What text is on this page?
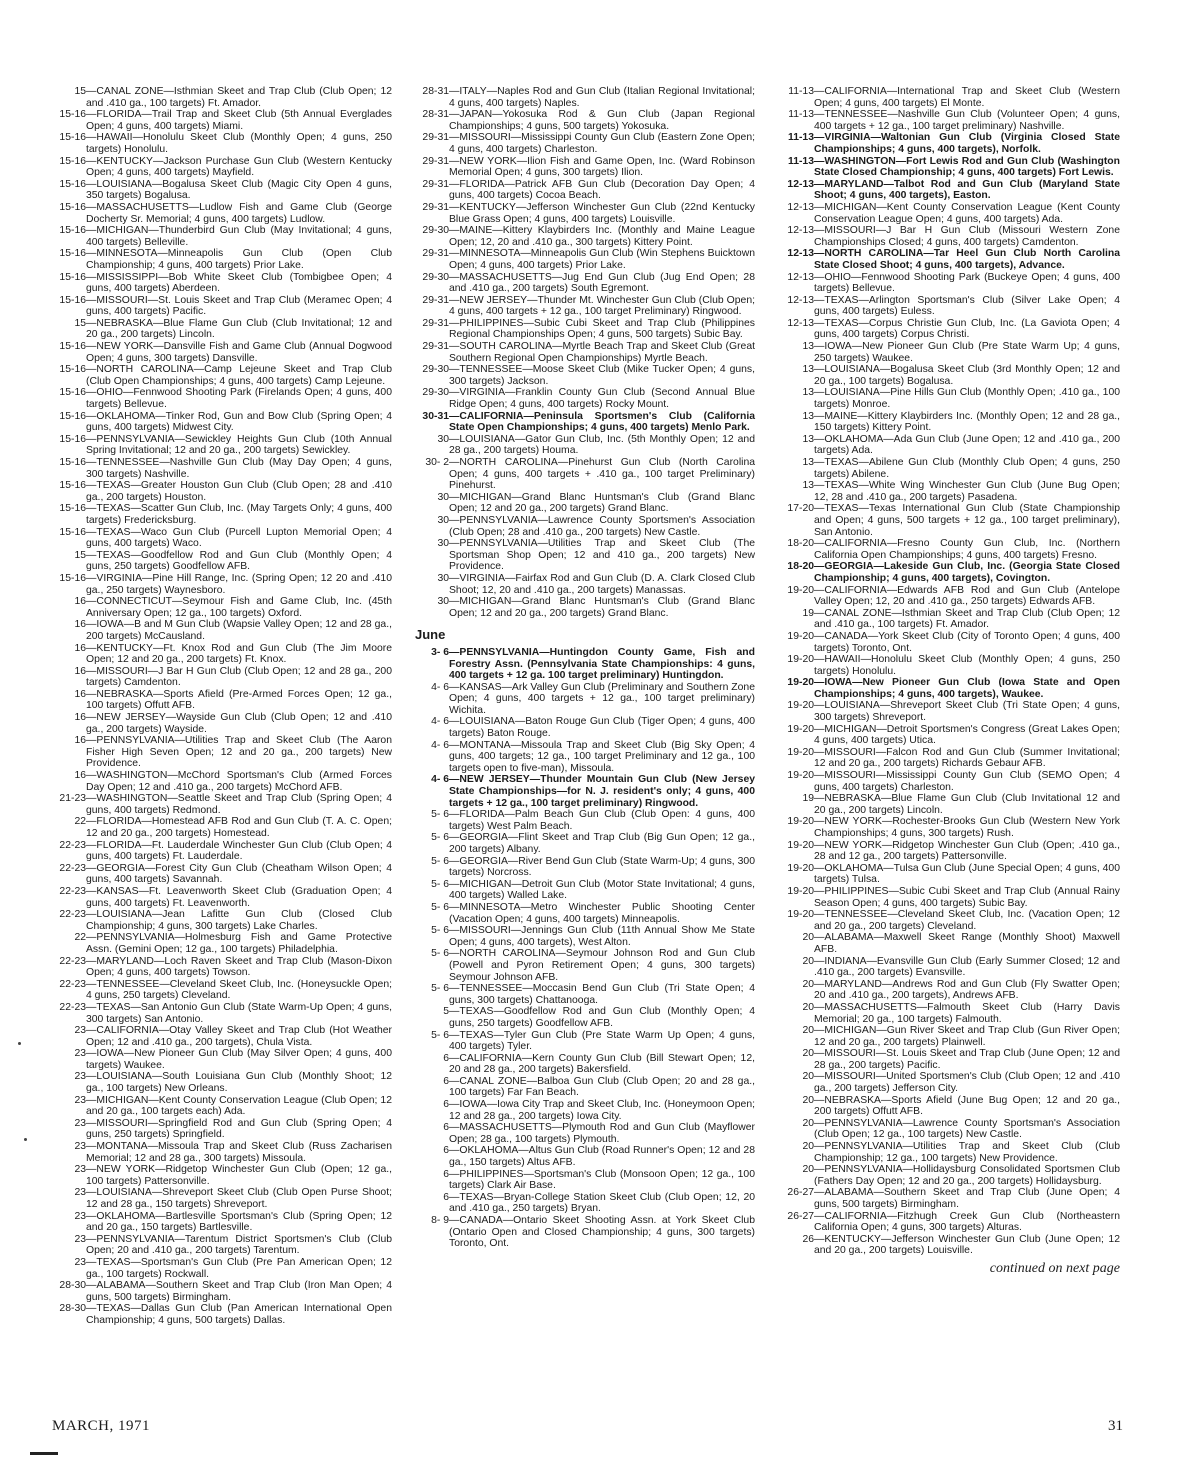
15—CANAL ZONE—Isthmian Skeet and Trap Club (Club Open; 12 and .410 ga., 100 targets) Ft. Amador.
15-16—FLORIDA—Trail Trap and Skeet Club (5th Annual Everglades Open; 4 guns, 400 targets) Miami.
15-16—HAWAII—Honolulu Skeet Club (Monthly Open; 4 guns, 250 targets) Honolulu.
15-16—KENTUCKY—Jackson Purchase Gun Club (Western Kentucky Open; 4 guns, 400 targets) Mayfield.
15-16—LOUISIANA—Bogalusa Skeet Club (Magic City Open 4 guns, 350 targets) Bogalusa.
15-16—MASSACHUSETTS—Ludlow Fish and Game Club (George Docherty Sr. Memorial; 4 guns, 400 targets) Ludlow.
15-16—MICHIGAN—Thunderbird Gun Club (May Invitational; 4 guns, 400 targets) Belleville.
15-16—MINNESOTA—Minneapolis Gun Club (Open Club Championship; 4 guns, 400 targets) Prior Lake.
15-16—MISSISSIPPI—Bob White Skeet Club (Tombigbee Open; 4 guns, 400 targets) Aberdeen.
15-16—MISSOURI—St. Louis Skeet and Trap Club (Meramec Open; 4 guns, 400 targets) Pacific.
15—NEBRASKA—Blue Flame Gun Club (Club Invitational; 12 and 20 ga., 200 targets) Lincoln.
15-16—NEW YORK—Dansville Fish and Game Club (Annual Dogwood Open; 4 guns, 300 targets) Dansville.
15-16—NORTH CAROLINA—Camp Lejeune Skeet and Trap Club (Club Open Championships; 4 guns, 400 targets) Camp Lejeune.
15-16—OHIO—Fennwood Shooting Park (Firelands Open; 4 guns, 400 targets) Bellevue.
15-16—OKLAHOMA—Tinker Rod, Gun and Bow Club (Spring Open; 4 guns, 400 targets) Midwest City.
15-16—PENNSYLVANIA—Sewickley Heights Gun Club (10th Annual Spring Invitational; 12 and 20 ga., 200 targets) Sewickley.
15-16—TENNESSEE—Nashville Gun Club (May Day Open; 4 guns, 300 targets) Nashville.
15-16—TEXAS—Greater Houston Gun Club (Club Open; 28 and .410 ga., 200 targets) Houston.
15-16—TEXAS—Scatter Gun Club, Inc. (May Targets Only; 4 guns, 400 targets) Fredericksburg.
15-16—TEXAS—Waco Gun Club (Purcell Lupton Memorial Open; 4 guns, 400 targets) Waco.
15—TEXAS—Goodfellow Rod and Gun Club (Monthly Open; 4 guns, 250 targets) Goodfellow AFB.
15-16—VIRGINIA—Pine Hill Range, Inc. (Spring Open; 12 20 and .410 ga., 250 targets) Waynesboro.
16—CONNECTICUT—Seymour Fish and Game Club, Inc. (45th Anniversary Open; 12 ga., 100 targets) Oxford.
16—IOWA—B and M Gun Club (Wapsie Valley Open; 12 and 28 ga., 200 targets) McCausland.
16—KENTUCKY—Ft. Knox Rod and Gun Club (The Jim Moore Open; 12 and 20 ga., 200 targets) Ft. Knox.
16—MISSOURI—J Bar H Gun Club (Club Open; 12 and 28 ga., 200 targets) Camdenton.
16—NEBRASKA—Sports Afield (Pre-Armed Forces Open; 12 ga., 100 targets) Offutt AFB.
16—NEW JERSEY—Wayside Gun Club (Club Open; 12 and .410 ga., 200 targets) Wayside.
16—PENNSYLVANIA—Utilities Trap and Skeet Club (The Aaron Fisher High Seven Open; 12 and 20 ga., 200 targets) New Providence.
16—WASHINGTON—McChord Sportsman's Club (Armed Forces Day Open; 12 and .410 ga., 200 targets) McChord AFB.
21-23—WASHINGTON—Seattle Skeet and Trap Club (Spring Open; 4 guns, 400 targets) Redmond.
22—FLORIDA—Homestead AFB Rod and Gun Club (T. A. C. Open; 12 and 20 ga., 200 targets) Homestead.
22-23—FLORIDA—Ft. Lauderdale Winchester Gun Club (Club Open; 4 guns, 400 targets) Ft. Lauderdale.
22-23—GEORGIA—Forest City Gun Club (Cheatham Wilson Open; 4 guns, 400 targets) Savannah.
22-23—KANSAS—Ft. Leavenworth Skeet Club (Graduation Open; 4 guns, 400 targets) Ft. Leavenworth.
22-23—LOUISIANA—Jean Lafitte Gun Club (Closed Club Championship; 4 guns, 300 targets) Lake Charles.
22—PENNSYLVANIA—Holmesburg Fish and Game Protective Assn. (Gemini Open; 12 ga., 100 targets) Philadelphia.
22-23—MARYLAND—Loch Raven Skeet and Trap Club (Mason-Dixon Open; 4 guns, 400 targets) Towson.
22-23—TENNESSEE—Cleveland Skeet Club, Inc. (Honeysuckle Open; 4 guns, 250 targets) Cleveland.
22-23—TEXAS—San Antonio Gun Club (State Warm-Up Open; 4 guns, 300 targets) San Antonio.
23—CALIFORNIA—Otay Valley Skeet and Trap Club (Hot Weather Open; 12 and .410 ga., 200 targets), Chula Vista.
23—IOWA—New Pioneer Gun Club (May Silver Open; 4 guns, 400 targets) Waukee.
23—LOUISIANA—South Louisiana Gun Club (Monthly Shoot; 12 ga., 100 targets) New Orleans.
23—MICHIGAN—Kent County Conservation League (Club Open; 12 and 20 ga., 100 targets each) Ada.
23—MISSOURI—Springfield Rod and Gun Club (Spring Open; 4 guns, 250 targets) Springfield.
23—MONTANA—Missoula Trap and Skeet Club (Russ Zacharisen Memorial; 12 and 28 ga., 300 targets) Missoula.
23—NEW YORK—Ridgetop Winchester Gun Club (Open; 12 ga., 100 targets) Pattersonville.
23—LOUISIANA—Shreveport Skeet Club (Club Open Purse Shoot; 12 and 28 ga., 150 targets) Shreveport.
23—OKLAHOMA—Bartlesville Sportsman's Club (Spring Open; 12 and 20 ga., 150 targets) Bartlesville.
23—PENNSYLVANIA—Tarentum District Sportsmen's Club (Club Open; 20 and .410 ga., 200 targets) Tarentum.
23—TEXAS—Sportsman's Gun Club (Pre Pan American Open; 12 ga., 100 targets) Rockwall.
28-30—ALABAMA—Southern Skeet and Trap Club (Iron Man Open; 4 guns, 500 targets) Birmingham.
28-30—TEXAS—Dallas Gun Club (Pan American International Open Championship; 4 guns, 500 targets) Dallas.
28-31—ITALY—Naples Rod and Gun Club (Italian Regional Invitational; 4 guns, 400 targets) Naples.
28-31—JAPAN—Yokosuka Rod & Gun Club (Japan Regional Championships; 4 guns, 500 targets) Yokosuka.
29-31—MISSOURI—Mississippi County Gun Club (Eastern Zone Open; 4 guns, 400 targets) Charleston.
29-31—NEW YORK—Ilion Fish and Game Open, Inc. (Ward Robinson Memorial Open; 4 guns, 300 targets) Ilion.
29-31—FLORIDA—Patrick AFB Gun Club (Decoration Day Open; 4 guns, 400 targets) Cocoa Beach.
29-31—KENTUCKY—Jefferson Winchester Gun Club (22nd Kentucky Blue Grass Open; 4 guns, 400 targets) Louisville.
29-30—MAINE—Kittery Klaybirders Inc. (Monthly and Maine League Open; 12, 20 and .410 ga., 300 targets) Kittery Point.
29-31—MINNESOTA—Minneapolis Gun Club (Win Stephens Buicktown Open; 4 guns, 400 targets) Prior Lake.
29-30—MASSACHUSETTS—Jug End Gun Club (Jug End Open; 28 and .410 ga., 200 targets) South Egremont.
29-31—NEW JERSEY—Thunder Mt. Winchester Gun Club (Club Open; 4 guns, 400 targets + 12 ga., 100 target Preliminary) Ringwood.
29-31—PHILIPPINES—Subic Cubi Skeet and Trap Club (Philippines Regional Championships Open; 4 guns, 500 targets) Subic Bay.
29-31—SOUTH CAROLINA—Myrtle Beach Trap and Skeet Club (Great Southern Regional Open Championships) Myrtle Beach.
29-30—TENNESSEE—Moose Skeet Club (Mike Tucker Open; 4 guns, 300 targets) Jackson.
29-30—VIRGINIA—Franklin County Gun Club (Second Annual Blue Ridge Open; 4 guns, 400 targets) Rocky Mount.
30-31—CALIFORNIA—Peninsula Sportsmen's Club (California State Open Championships; 4 guns, 400 targets) Menlo Park.
30—LOUISIANA—Gator Gun Club, Inc. (5th Monthly Open; 12 and 28 ga., 200 targets) Houma.
30- 2—NORTH CAROLINA—Pinehurst Gun Club (North Carolina Open; 4 guns, 400 targets + .410 ga., 100 target Preliminary) Pinehurst.
30—MICHIGAN—Grand Blanc Huntsman's Club (Grand Blanc Open; 12 and 20 ga., 200 targets) Grand Blanc.
30—PENNSYLVANIA—Lawrence County Sportsmen's Association (Club Open; 28 and .410 ga., 200 targets) New Castle.
30—PENNSYLVANIA—Utilities Trap and Skeet Club (The Sportsman Shop Open; 12 and 410 ga., 200 targets) New Providence.
30—VIRGINIA—Fairfax Rod and Gun Club (D. A. Clark Closed Club Shoot; 12, 20 and .410 ga., 200 targets) Manassas.
30—MICHIGAN—Grand Blanc Huntsman's Club (Grand Blanc Open; 12 and 20 ga., 200 targets) Grand Blanc.
June
3- 6—PENNSYLVANIA—Huntingdon County Game, Fish and Forestry Assn. (Pennsylvania State Championships: 4 guns, 400 targets + 12 ga. 100 target preliminary) Huntingdon.
4- 6—KANSAS—Ark Valley Gun Club (Preliminary and Southern Zone Open; 4 guns, 400 targets + 12 ga., 100 target preliminary) Wichita.
4- 6—LOUISIANA—Baton Rouge Gun Club (Tiger Open; 4 guns, 400 targets) Baton Rouge.
4- 6—MONTANA—Missoula Trap and Skeet Club (Big Sky Open; 4 guns, 400 targets; 12 ga., 100 target Preliminary and 12 ga., 100 targets open to five-man), Missoula.
4- 6—NEW JERSEY—Thunder Mountain Gun Club (New Jersey State Championships—for N. J. resident's only; 4 guns, 400 targets + 12 ga., 100 target preliminary) Ringwood.
5- 6—FLORIDA—Palm Beach Gun Club (Club Open: 4 guns, 400 targets) West Palm Beach.
5- 6—GEORGIA—Flint Skeet and Trap Club (Big Gun Open; 12 ga., 200 targets) Albany.
5- 6—GEORGIA—River Bend Gun Club (State Warm-Up; 4 guns, 300 targets) Norcross.
5- 6—MICHIGAN—Detroit Gun Club (Motor State Invitational; 4 guns, 400 targets) Walled Lake.
5- 6—MINNESOTA—Metro Winchester Public Shooting Center (Vacation Open; 4 guns, 400 targets) Minneapolis.
5- 6—MISSOURI—Jennings Gun Club (11th Annual Show Me State Open; 4 guns, 400 targets), West Alton.
5- 6—NORTH CAROLINA—Seymour Johnson Rod and Gun Club (Powell and Pyron Retirement Open; 4 guns, 300 targets) Seymour Johnson AFB.
5- 6—TENNESSEE—Moccasin Bend Gun Club (Tri State Open; 4 guns, 300 targets) Chattanooga.
5—TEXAS—Goodfellow Rod and Gun Club (Monthly Open; 4 guns, 250 targets) Goodfellow AFB.
5- 6—TEXAS—Tyler Gun Club (Pre State Warm Up Open; 4 guns, 400 targets) Tyler.
6—CALIFORNIA—Kern County Gun Club (Bill Stewart Open; 12, 20 and 28 ga., 200 targets) Bakersfield.
6—CANAL ZONE—Balboa Gun Club (Club Open; 20 and 28 ga., 100 targets) Far Fan Beach.
6—IOWA—Iowa City Trap and Skeet Club, Inc. (Honeymoon Open; 12 and 28 ga., 200 targets) Iowa City.
6—MASSACHUSETTS—Plymouth Rod and Gun Club (Mayflower Open; 28 ga., 100 targets) Plymouth.
6—OKLAHOMA—Altus Gun Club (Road Runner's Open; 12 and 28 ga., 150 targets) Altus AFB.
6—PHILIPPINES—Sportsman's Club (Monsoon Open; 12 ga., 100 targets) Clark Air Base.
6—TEXAS—Bryan-College Station Skeet Club (Club Open; 12, 20 and .410 ga., 250 targets) Bryan.
8- 9—CANADA—Ontario Skeet Shooting Assn. at York Skeet Club (Ontario Open and Closed Championship; 4 guns, 300 targets) Toronto, Ont.
11-13—CALIFORNIA—International Trap and Skeet Club (Western Open; 4 guns, 400 targets) El Monte.
11-13—TENNESSEE—Nashville Gun Club (Volunteer Open; 4 guns, 400 targets + 12 ga., 100 target preliminary) Nashville.
11-13—VIRGINIA—Waltonian Gun Club (Virginia Closed State Championships; 4 guns, 400 targets), Norfolk.
11-13—WASHINGTON—Fort Lewis Rod and Gun Club (Washington State Closed Championship; 4 guns, 400 targets) Fort Lewis.
12-13—MARYLAND—Talbot Rod and Gun Club (Maryland State Shoot; 4 guns, 400 targets), Easton.
12-13—MICHIGAN—Kent County Conservation League (Kent County Conservation League Open; 4 guns, 400 targets) Ada.
12-13—MISSOURI—J Bar H Gun Club (Missouri Western Zone Championships Closed; 4 guns, 400 targets) Camdenton.
12-13—NORTH CAROLINA—Tar Heel Gun Club North Carolina State Closed Shoot; 4 guns, 400 targets), Advance.
12-13—OHIO—Fennwood Shooting Park (Buckeye Open; 4 guns, 400 targets) Bellevue.
12-13—TEXAS—Arlington Sportsman's Club (Silver Lake Open; 4 guns, 400 targets) Euless.
12-13—TEXAS—Corpus Christie Gun Club, Inc. (La Gaviota Open; 4 guns, 400 targets) Corpus Christi.
13—IOWA—New Pioneer Gun Club (Pre State Warm Up; 4 guns, 250 targets) Waukee.
13—LOUISIANA—Bogalusa Skeet Club (3rd Monthly Open; 12 and 20 ga., 100 targets) Bogalusa.
13—LOUISIANA—Pine Hills Gun Club (Monthly Open; .410 ga., 100 targets) Monroe.
13—MAINE—Kittery Klaybirders Inc. (Monthly Open; 12 and 28 ga., 150 targets) Kittery Point.
13—OKLAHOMA—Ada Gun Club (June Open; 12 and .410 ga., 200 targets) Ada.
13—TEXAS—Abilene Gun Club (Monthly Club Open; 4 guns, 250 targets) Abilene.
13—TEXAS—White Wing Winchester Gun Club (June Bug Open; 12, 28 and .410 ga., 200 targets) Pasadena.
17-20—TEXAS—Texas International Gun Club (State Championship and Open; 4 guns, 500 targets + 12 ga., 100 target preliminary), San Antonio.
18-20—CALIFORNIA—Fresno County Gun Club, Inc. (Northern California Open Championships; 4 guns, 400 targets) Fresno.
18-20—GEORGIA—Lakeside Gun Club, Inc. (Georgia State Closed Championship; 4 guns, 400 targets), Covington.
19-20—CALIFORNIA—Edwards AFB Rod and Gun Club (Antelope Valley Open; 12, 20 and .410 ga., 250 targets) Edwards AFB.
19—CANAL ZONE—Isthmian Skeet and Trap Club (Club Open; 12 and .410 ga., 100 targets) Ft. Amador.
19-20—CANADA—York Skeet Club (City of Toronto Open; 4 guns, 400 targets) Toronto, Ont.
19-20—HAWAII—Honolulu Skeet Club (Monthly Open; 4 guns, 250 targets) Honolulu.
19-20—IOWA—New Pioneer Gun Club (Iowa State and Open Championships; 4 guns, 400 targets), Waukee.
19-20—LOUISIANA—Shreveport Skeet Club (Tri State Open; 4 guns, 300 targets) Shreveport.
19-20—MICHIGAN—Detroit Sportsmen's Congress (Great Lakes Open; 4 guns, 400 targets) Utica.
19-20—MISSOURI—Falcon Rod and Gun Club (Summer Invitational; 12 and 20 ga., 200 targets) Richards Gebaur AFB.
19-20—MISSOURI—Mississippi County Gun Club (SEMO Open; 4 guns, 400 targets) Charleston.
19—NEBRASKA—Blue Flame Gun Club (Club Invitational 12 and 20 ga., 200 targets) Lincoln.
19-20—NEW YORK—Rochester-Brooks Gun Club (Western New York Championships; 4 guns, 300 targets) Rush.
19-20—NEW YORK—Ridgetop Winchester Gun Club (Open; .410 ga., 28 and 12 ga., 200 targets) Pattersonville.
19-20—OKLAHOMA—Tulsa Gun Club (June Special Open; 4 guns, 400 targets) Tulsa.
19-20—PHILIPPINES—Subic Cubi Skeet and Trap Club (Annual Rainy Season Open; 4 guns, 400 targets) Subic Bay.
19-20—TENNESSEE—Cleveland Skeet Club, Inc. (Vacation Open; 12 and 20 ga., 200 targets) Cleveland.
20—ALABAMA—Maxwell Skeet Range (Monthly Shoot) Maxwell AFB.
20—INDIANA—Evansville Gun Club (Early Summer Closed; 12 and .410 ga., 200 targets) Evansville.
20—MARYLAND—Andrews Rod and Gun Club (Fly Swatter Open; 20 and .410 ga., 200 targets), Andrews AFB.
20—MASSACHUSETTS—Falmouth Skeet Club (Harry Davis Memorial; 20 ga., 100 targets) Falmouth.
20—MICHIGAN—Gun River Skeet and Trap Club (Gun River Open; 12 and 20 ga., 200 targets) Plainwell.
20—MISSOURI—St. Louis Skeet and Trap Club (June Open; 12 and 28 ga., 200 targets) Pacific.
20—MISSOURI—United Sportsmen's Club (Club Open; 12 and .410 ga., 200 targets) Jefferson City.
20—NEBRASKA—Sports Afield (June Bug Open; 12 and 20 ga., 200 targets) Offutt AFB.
20—PENNSYLVANIA—Lawrence County Sportsman's Association (Club Open; 12 ga., 100 targets) New Castle.
20—PENNSYLVANIA—Utilities Trap and Skeet Club (Club Championship; 12 ga., 100 targets) New Providence.
20—PENNSYLVANIA—Hollidaysburg Consolidated Sportsmen Club (Fathers Day Open; 12 and 20 ga., 200 targets) Hollidaysburg.
26-27—ALABAMA—Southern Skeet and Trap Club (June Open; 4 guns, 500 targets) Birmingham.
26-27—CALIFORNIA—Fitzhugh Creek Gun Club (Northeastern California Open; 4 guns, 300 targets) Alturas.
26—KENTUCKY—Jefferson Winchester Gun Club (June Open; 12 and 20 ga., 200 targets) Louisville.
continued on next page
MARCH, 1971	31
